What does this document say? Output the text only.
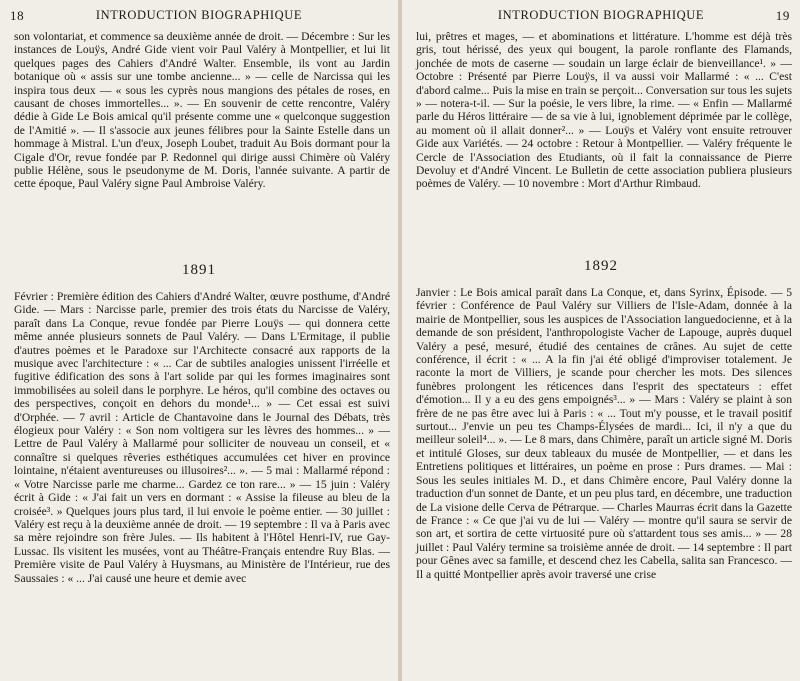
18	INTRODUCTION BIOGRAPHIQUE

son volontariat, et commence sa deuxième année de droit. — Décembre : Sur les instances de Louÿs, André Gide vient voir Paul Valéry à Montpellier, et lui lit quelques pages des Cahiers d'André Walter. Ensemble, ils vont au Jardin botanique où « assis sur une tombe ancienne... » — celle de Narcissa qui les inspira tous deux — « sous les cyprès nous mangions des pétales de roses, en causant de choses immortelles... ». — En souvenir de cette rencontre, Valéry dédie à Gide Le Bois amical qu'il présente comme une « quelconque suggestion de l'Amitié ». — Il s'associe aux jeunes félibres pour la Sainte Estelle dans un hommage à Mistral. L'un d'eux, Joseph Loubet, traduit Au Bois dormant pour la Cigale d'Or, revue fondée par P. Redonnel qui dirige aussi Chimère où Valéry publie Hélène, sous le pseudonyme de M. Doris, l'année suivante. A partir de cette époque, Paul Valéry signe Paul Ambroise Valéry.

1891

Février : Première édition des Cahiers d'André Walter, œuvre posthume, d'André Gide. — Mars : Narcisse parle, premier des trois états du Narcisse de Valéry, paraît dans La Conque, revue fondée par Pierre Louÿs — qui donnera cette même année plusieurs sonnets de Paul Valéry. — Dans L'Ermitage, il publie d'autres poèmes et le Paradoxe sur l'Architecte consacré aux rapports de la musique avec l'architecture : « ... Car de subtiles analogies unissent l'irréelle et fugitive édification des sons à l'art solide par qui les formes imaginaires sont immobilisées au soleil dans le porphyre. Le héros, qu'il combine des octaves ou des perspectives, conçoit en dehors du monde¹... » — Cet essai est suivi d'Orphée. — 7 avril : Article de Chantavoine dans le Journal des Débats, très élogieux pour Valéry : « Son nom voltigera sur les lèvres des hommes... » — Lettre de Paul Valéry à Mallarmé pour solliciter de nouveau un conseil, et « connaître si quelques rêveries esthétiques accumulées cet hiver en province lointaine, n'étaient aventureuses ou illusoires²... ». — 5 mai : Mallarmé répond : « Votre Narcisse parle me charme... Gardez ce ton rare... » — 15 juin : Valéry écrit à Gide : « J'ai fait un vers en dormant : « Assise la fileuse au bleu de la croisée³. » Quelques jours plus tard, il lui envoie le poème entier. — 30 juillet : Valéry est reçu à la deuxième année de droit. — 19 septembre : Il va à Paris avec sa mère rejoindre son frère Jules. — Ils habitent à l'Hôtel Henri-IV, rue Gay-Lussac. Ils visitent les musées, vont au Théâtre-Français entendre Ruy Blas. — Première visite de Paul Valéry à Huysmans, au Ministère de l'Intérieur, rue des Saussaies : « ... J'ai causé une heure et demie avec

INTRODUCTION BIOGRAPHIQUE	19

lui, prêtres et mages, — et abominations et littérature. L'homme est déjà très gris, tout hérissé, des yeux qui bougent, la parole ronflante des Flamands, jonchée de mots de caserne — soudain un large éclair de bienveillance¹. » — Octobre : Présenté par Pierre Louÿs, il va aussi voir Mallarmé : « ... C'est d'abord calme... Puis la mise en train se perçoit... Conversation sur tous les sujets » — notera-t-il. — Sur la poésie, le vers libre, la rime. — « Enfin — Mallarmé parle du Héros littéraire — de sa vie à lui, ignoblement déprimée par le collège, au moment où il allait donner²... » — Louÿs et Valéry vont ensuite retrouver Gide aux Variétés. — 24 octobre : Retour à Montpellier. — Valéry fréquente le Cercle de l'Association des Etudiants, où il fait la connaissance de Pierre Devoluy et d'André Vincent. Le Bulletin de cette association publiera plusieurs poèmes de Valéry. — 10 novembre : Mort d'Arthur Rimbaud.

1892

Janvier : Le Bois amical paraît dans La Conque, et, dans Syrinx, Épisode. — 5 février : Conférence de Paul Valéry sur Villiers de l'Isle-Adam, donnée à la mairie de Montpellier, sous les auspices de l'Association languedocienne, et à la demande de son président, l'anthropologiste Vacher de Lapouge, auprès duquel Valéry a pesé, mesuré, étudié des centaines de crânes. Au sujet de cette conférence, il écrit : « ... A la fin j'ai été obligé d'improviser totalement. Je raconte la mort de Villiers, je scande pour chercher les mots. Des silences funèbres prolongent les réticences dans l'esprit des spectateurs : effet d'émotion... Il y a eu des gens empoignés³... » — Mars : Valéry se plaint à son frère de ne pas être avec lui à Paris : « ... Tout m'y pousse, et le travail positif surtout... J'envie un peu tes Champs-Élysées de mardi... Ici, il n'y a que du meilleur soleil⁴... ». — Le 8 mars, dans Chimère, paraît un article signé M. Doris et intitulé Gloses, sur deux tableaux du musée de Montpellier, — et dans les Entretiens politiques et littéraires, un poème en prose : Purs drames. — Mai : Sous les seules initiales M. D., et dans Chimère encore, Paul Valéry donne la traduction d'un sonnet de Dante, et un peu plus tard, en décembre, une traduction de La visione delle Cerva de Pétrarque. — Charles Maurras écrit dans la Gazette de France : « Ce que j'ai vu de lui — Valéry — montre qu'il saura se servir de son art, et sortira de cette virtuosité pure où s'attardent tous ses amis... » — 28 juillet : Paul Valéry termine sa troisième année de droit. — 14 septembre : Il part pour Gênes avec sa famille, et descend chez les Cabella, salita san Francesco. — Il a quitté Montpellier après avoir traversé une crise
